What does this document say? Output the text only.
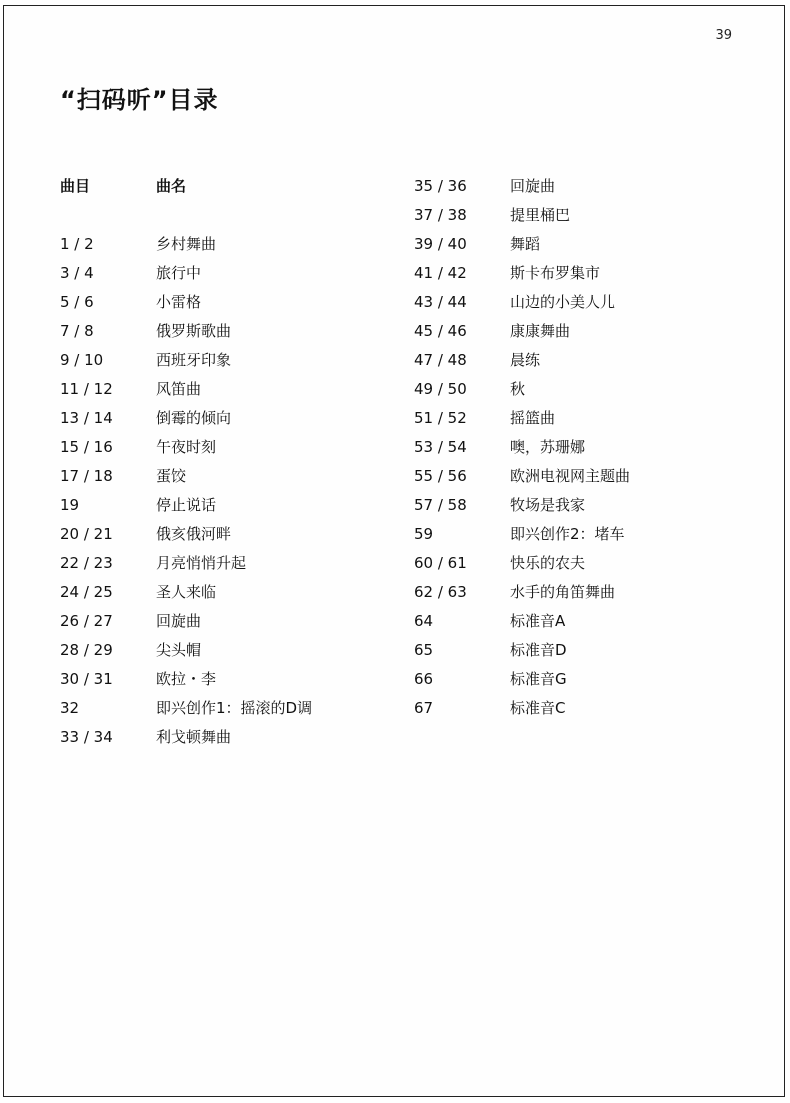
39
“扫码听”目录
曲目	曲名
1 / 2	乡村舞曲
3 / 4	旅行中
5 / 6	小雷格
7 / 8	俄罗斯歌曲
9 / 10	西班牙印象
11 / 12	风笛曲
13 / 14	倒霉的倾向
15 / 16	午夜时刻
17 / 18	蛋饺
19	停止说话
20 / 21	俄亥俄河畔
22 / 23	月亮悄悄升起
24 / 25	圣人来临
26 / 27	回旋曲
28 / 29	尖头帽
30 / 31	欧拉・李
32	即兴创作1：摇滚的D调
33 / 34	利戈顿舞曲
35 / 36	回旋曲
37 / 38	提里桶巴
39 / 40	舞蹈
41 / 42	斯卡布罗集市
43 / 44	山边的小美人儿
45 / 46	康康舞曲
47 / 48	晨练
49 / 50	秋
51 / 52	摇篮曲
53 / 54	噢，苏珊娜
55 / 56	欧洲电视网主题曲
57 / 58	牧场是我家
59	即兴创作2：堵车
60 / 61	快乐的农夫
62 / 63	水手的角笛舞曲
64	标准音A
65	标准音D
66	标准音G
67	标准音C
